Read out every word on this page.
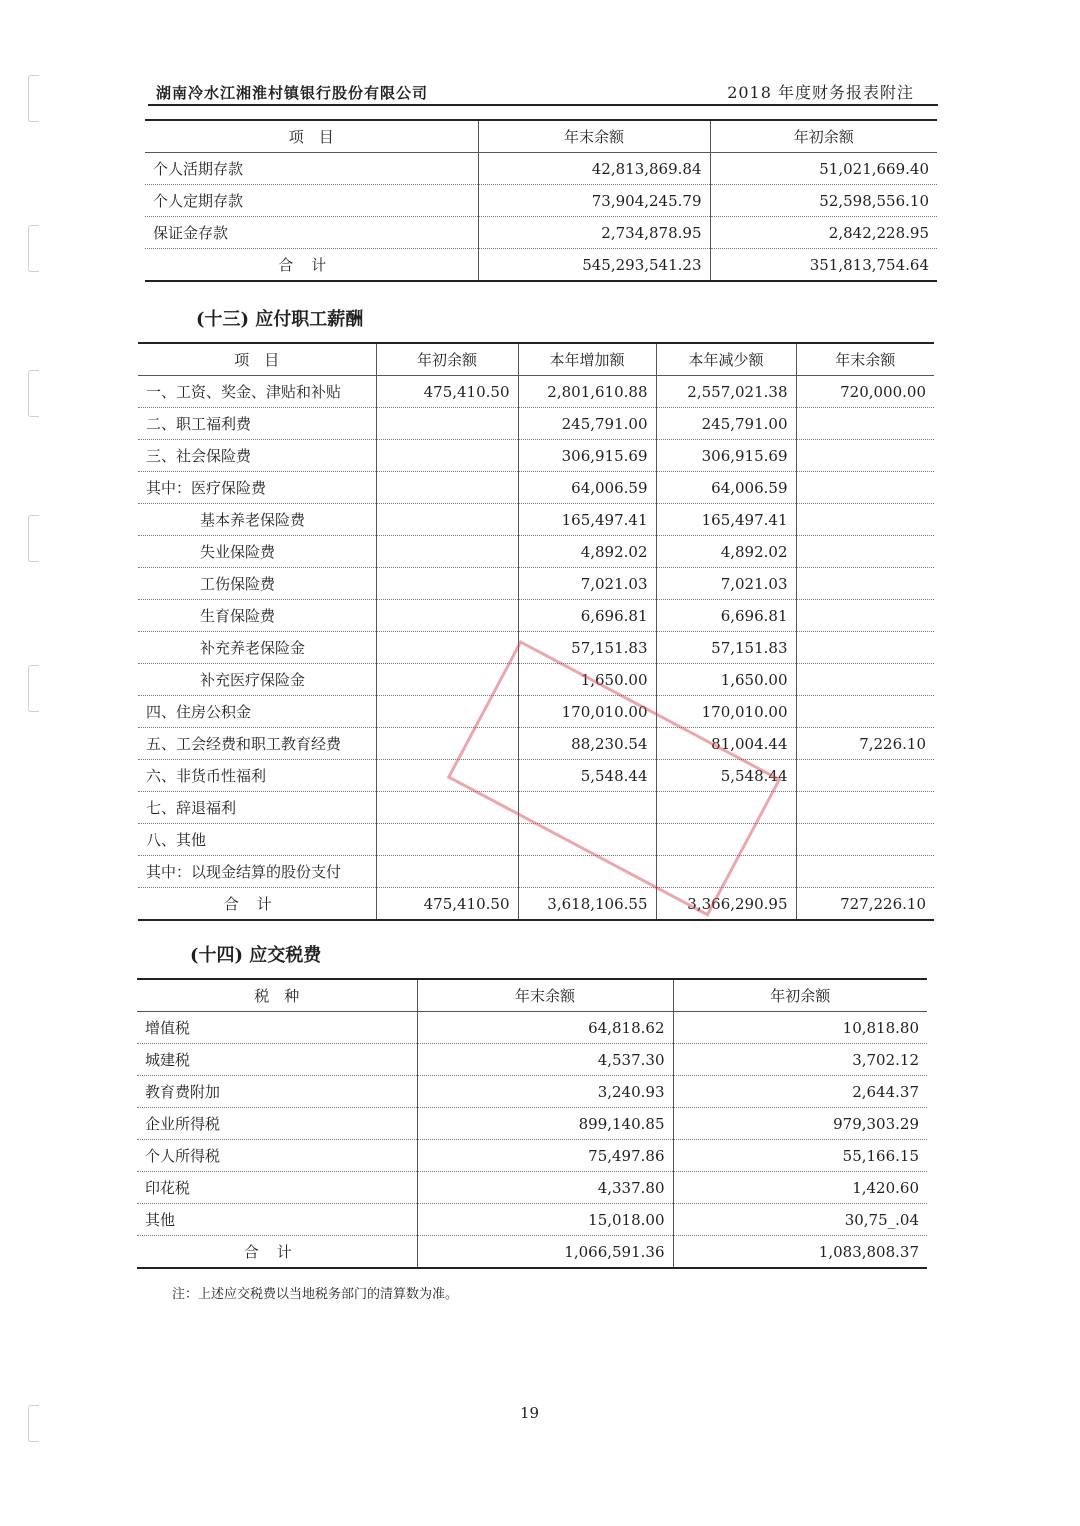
湖南冷水江湘淮村镇银行股份有限公司	2018 年度财务报表附注
项　目	年末余额	年初余额
个人活期存款	42,813,869.84	51,021,669.40
个人定期存款	73,904,245.79	52,598,556.10
保证金存款	2,734,878.95	2,842,228.95
合计	545,293,541.23	351,813,754.64
(十三) 应付职工薪酬
项　目	年初余额	本年增加额	本年减少额	年末余额
一、工资、奖金、津贴和补贴	475,410.50	2,801,610.88	2,557,021.38	720,000.00
二、职工福利费		245,791.00	245,791.00	
三、社会保险费		306,915.69	306,915.69	
其中：医疗保险费		64,006.59	64,006.59	
基本养老保险费		165,497.41	165,497.41	
失业保险费		4,892.02	4,892.02	
工伤保险费		7,021.03	7,021.03	
生育保险费		6,696.81	6,696.81	
补充养老保险金		57,151.83	57,151.83	
补充医疗保险金		1,650.00	1,650.00	
四、住房公积金		170,010.00	170,010.00	
五、工会经费和职工教育经费		88,230.54	81,004.44	7,226.10
六、非货币性福利		5,548.44	5,548.44	
七、辞退福利				
八、其他				
其中：以现金结算的股份支付				
合计	475,410.50	3,618,106.55	3,366,290.95	727,226.10
(十四) 应交税费
税　种	年末余额	年初余额
增值税	64,818.62	10,818.80
城建税	4,537.30	3,702.12
教育费附加	3,240.93	2,644.37
企业所得税	899,140.85	979,303.29
个人所得税	75,497.86	55,166.15
印花税	4,337.80	1,420.60
其他	15,018.00	30,75_.04
合计	1,066,591.36	1,083,808.37
注：上述应交税费以当地税务部门的清算数为准。
19
